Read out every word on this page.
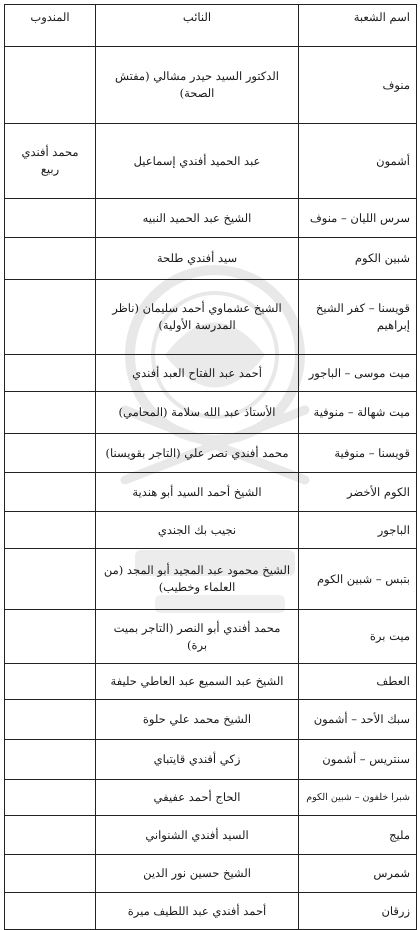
اسم الشعبة	النائب	المندوب
منوف	الدكتور السيد حيدر مشالي (مفتش الصحة)	
أشمون	عبد الحميد أفندي إسماعيل	محمد أفندي ربيع
سرس الليان – منوف	الشيخ عبد الحميد النبيه	
شبين الكوم	سيد أفندي طلحة	
قويسنا – كفر الشيخ إبراهيم	الشيخ عشماوي أحمد سليمان (ناظر المدرسة الأولية)	
ميت موسى – الباجور	أحمد عبد الفتاح العبد أفندي	
ميت شهالة – منوفية	الأستاذ عبد الله سلامة (المحامي)	
قويسنا – منوفية	محمد أفندي نصر علي (التاجر بقويسنا)	
الكوم الأخضر	الشيخ أحمد السيد أبو هندية	
الباجور	نجيب بك الجندي	
بتبس – شبين الكوم	الشيخ محمود عبد المجيد أبو المجد (من العلماء وخطيب)	
ميت برة	محمد أفندي أبو النصر (التاجر بميت برة)	
العطف	الشيخ عبد السميع عبد العاطي حليفة	
سبك الأحد – أشمون	الشيخ محمد علي حلوة	
سنتريس – أشمون	زكي أفندي قايتباي	
شبرا خلفون – شبين الكوم	الحاج أحمد عفيفي	
مليج	السيد أفندي الشنواني	
شمرس	الشيخ حسين نور الدين	
زرقان	أحمد أفندي عبد اللطيف ميرة	
